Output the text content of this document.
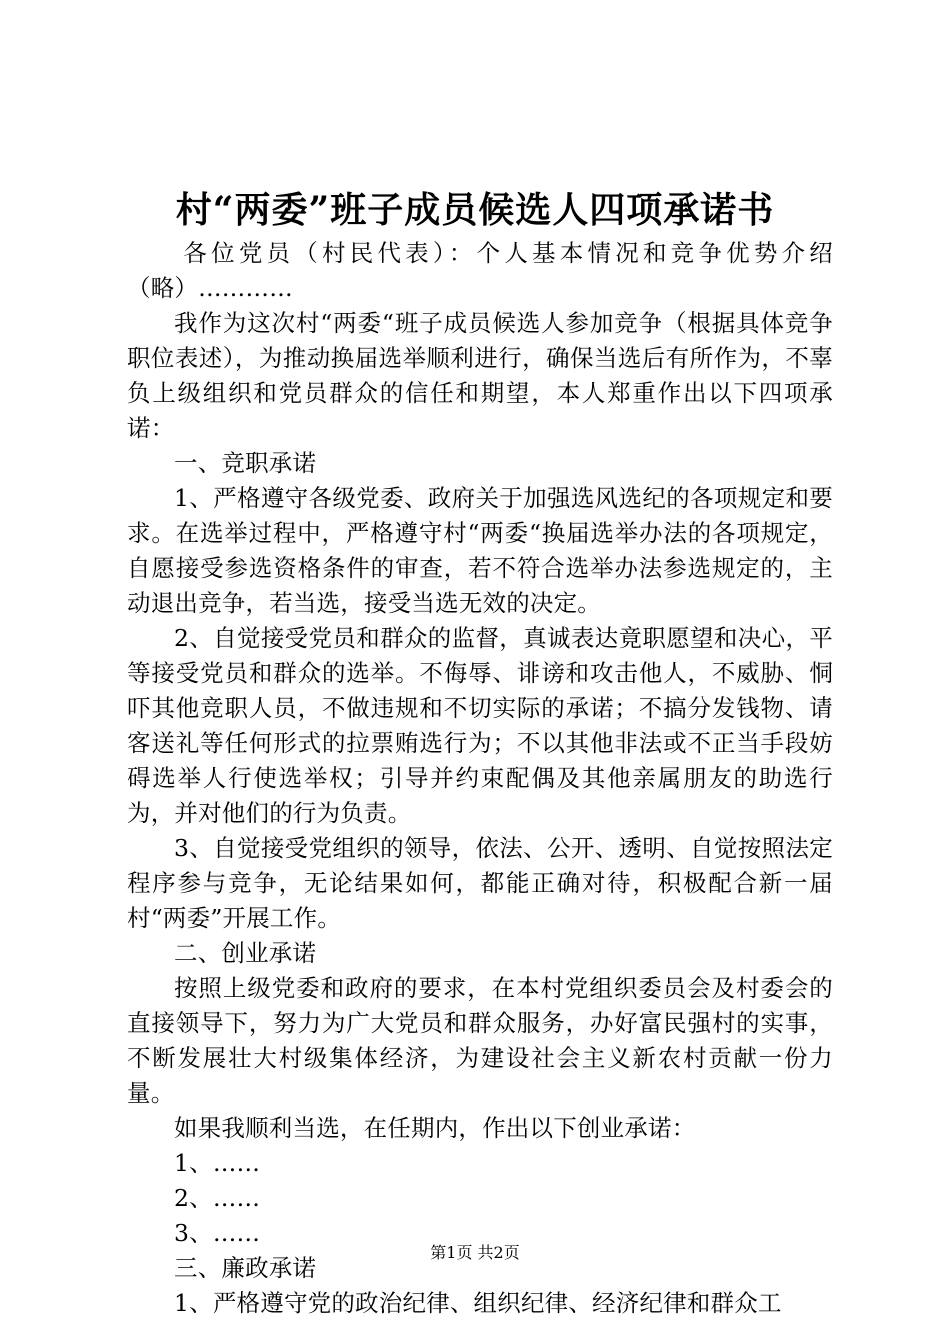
村“两委”班子成员候选人四项承诺书

各位党员（村民代表）：个人基本情况和竞争优势介绍（略）…………

我作为这次村“两委“班子成员候选人参加竞争（根据具体竞争职位表述），为推动换届选举顺利进行，确保当选后有所作为，不辜负上级组织和党员群众的信任和期望，本人郑重作出以下四项承诺：

一、竞职承诺

1、严格遵守各级党委、政府关于加强选风选纪的各项规定和要求。在选举过程中，严格遵守村“两委“换届选举办法的各项规定，自愿接受参选资格条件的审查，若不符合选举办法参选规定的，主动退出竞争，若当选，接受当选无效的决定。

2、自觉接受党员和群众的监督，真诚表达竟职愿望和决心，平等接受党员和群众的选举。不侮辱、诽谤和攻击他人，不威胁、恫吓其他竞职人员，不做违规和不切实际的承诺；不搞分发钱物、请客送礼等任何形式的拉票贿选行为；不以其他非法或不正当手段妨碍选举人行使选举权；引导并约束配偶及其他亲属朋友的助选行为，并对他们的行为负责。

3、自觉接受党组织的领导，依法、公开、透明、自觉按照法定程序参与竞争，无论结果如何，都能正确对待，积极配合新一届村“两委”开展工作。

二、创业承诺

按照上级党委和政府的要求，在本村党组织委员会及村委会的直接领导下，努力为广大党员和群众服务，办好富民强村的实事，不断发展壮大村级集体经济，为建设社会主义新农村贡献一份力量。

如果我顺利当选，在任期内，作出以下创业承诺：

1、……

2、……

3、……

三、廉政承诺

1、严格遵守党的政治纪律、组织纪律、经济纪律和群众工

第1页 共2页
